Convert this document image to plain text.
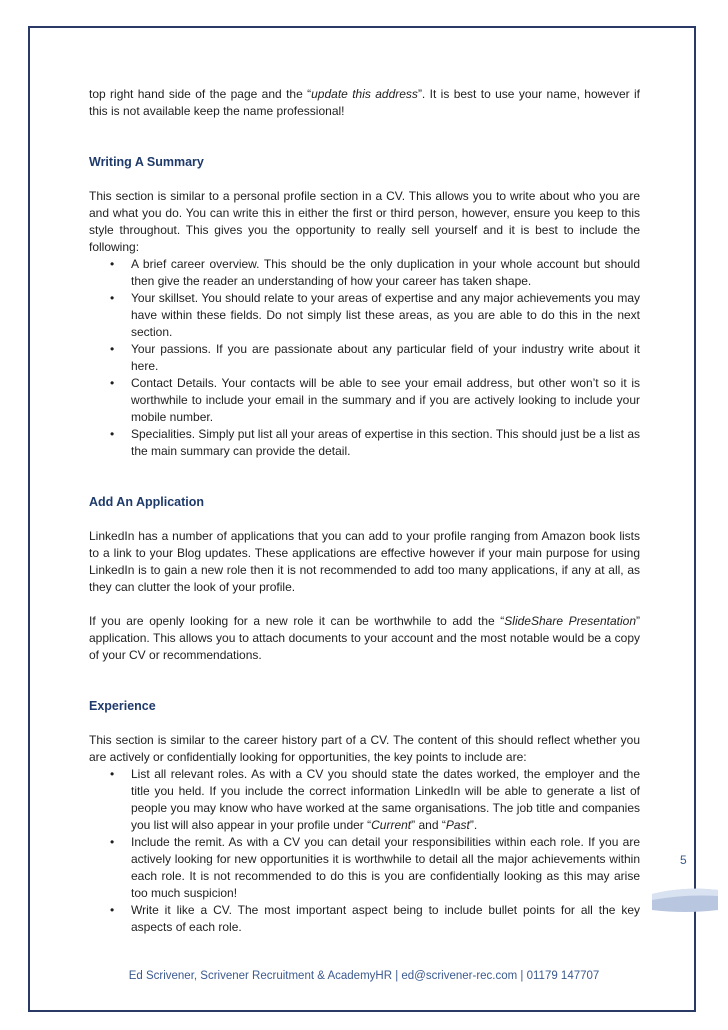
top right hand side of the page and the “update this address”. It is best to use your name, however if this is not available keep the name professional!

Writing A Summary

This section is similar to a personal profile section in a CV. This allows you to write about who you are and what you do. You can write this in either the first or third person, however, ensure you keep to this style throughout. This gives you the opportunity to really sell yourself and it is best to include the following:

• A brief career overview. This should be the only duplication in your whole account but should then give the reader an understanding of how your career has taken shape.
• Your skillset. You should relate to your areas of expertise and any major achievements you may have within these fields. Do not simply list these areas, as you are able to do this in the next section.
• Your passions. If you are passionate about any particular field of your industry write about it here.
• Contact Details. Your contacts will be able to see your email address, but other won’t so it is worthwhile to include your email in the summary and if you are actively looking to include your mobile number.
• Specialities. Simply put list all your areas of expertise in this section. This should just be a list as the main summary can provide the detail.
Add An Application

LinkedIn has a number of applications that you can add to your profile ranging from Amazon book lists to a link to your Blog updates. These applications are effective however if your main purpose for using LinkedIn is to gain a new role then it is not recommended to add too many applications, if any at all, as they can clutter the look of your profile.

If you are openly looking for a new role it can be worthwhile to add the “SlideShare Presentation” application. This allows you to attach documents to your account and the most notable would be a copy of your CV or recommendations.

Experience

This section is similar to the career history part of a CV. The content of this should reflect whether you are actively or confidentially looking for opportunities, the key points to include are:

• List all relevant roles. As with a CV you should state the dates worked, the employer and the title you held. If you include the correct information LinkedIn will be able to generate a list of people you may know who have worked at the same organisations. The job title and companies you list will also appear in your profile under “Current” and “Past”.
• Include the remit. As with a CV you can detail your responsibilities within each role. If you are actively looking for new opportunities it is worthwhile to detail all the major achievements within each role. It is not recommended to do this is you are confidentially looking as this may arise too much suspicion!
• Write it like a CV. The most important aspect being to include bullet points for all the key aspects of each role.
5
Ed Scrivener, Scrivener Recruitment & AcademyHR | ed@scrivener-rec.com | 01179 147707
